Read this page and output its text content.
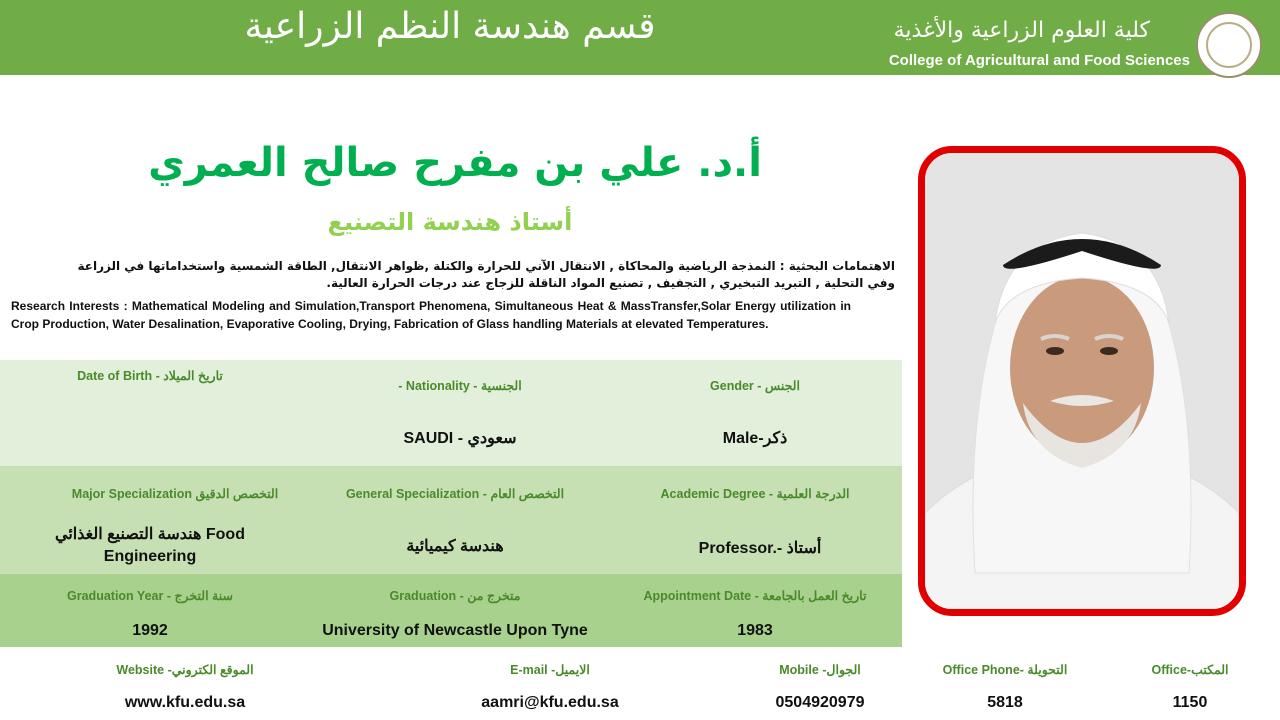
قسم هندسة النظم الزراعية	كلية العلوم الزراعية والأغذية
College of Agricultural and Food Sciences
أ.د. علي بن مفرح صالح العمري
أستاذ هندسة التصنيع
الاهتمامات البحثية : النمذجة الرياضية والمحاكاة , الانتقال الآني للحرارة والكتلة ,ظواهر الانتقال, الطاقة الشمسية واستخداماتها في الزراعة وفي التحلية , التبريد التبخيري , التجفيف , تصنيع المواد الناقلة للزجاج عند درجات الحرارة العالية.
Research Interests : Mathematical Modeling and Simulation,Transport Phenomena, Simultaneous Heat & MassTransfer,Solar Energy utilization in Crop Production, Water Desalination, Evaporative Cooling, Drying, Fabrication of Glass handling Materials at elevated Temperatures.
Date of Birth - تاريخ الميلاد
- Nationality - الجنسية
SAUDI - سعودي
Gender - الجنس
Male-ذكر
Major Specialization التخصص الدقيق
هندسة التصنيع الغذائي Food Engineering
General Specialization - التخصص العام
هندسة كيميائية
Academic Degree - الدرجة العلمية
Professor.- أستاذ
Graduation Year - سنة التخرج
1992
Graduation - متخرج من
University of Newcastle Upon Tyne
Appointment Date - تاريخ العمل بالجامعة
1983
Website -الموقع الكتروني
www.kfu.edu.sa
E-mail -الايميل
aamri@kfu.edu.sa
Mobile -الجوال
0504920979
Office Phone- التحويلة
5818
Office-المكتب
1150
